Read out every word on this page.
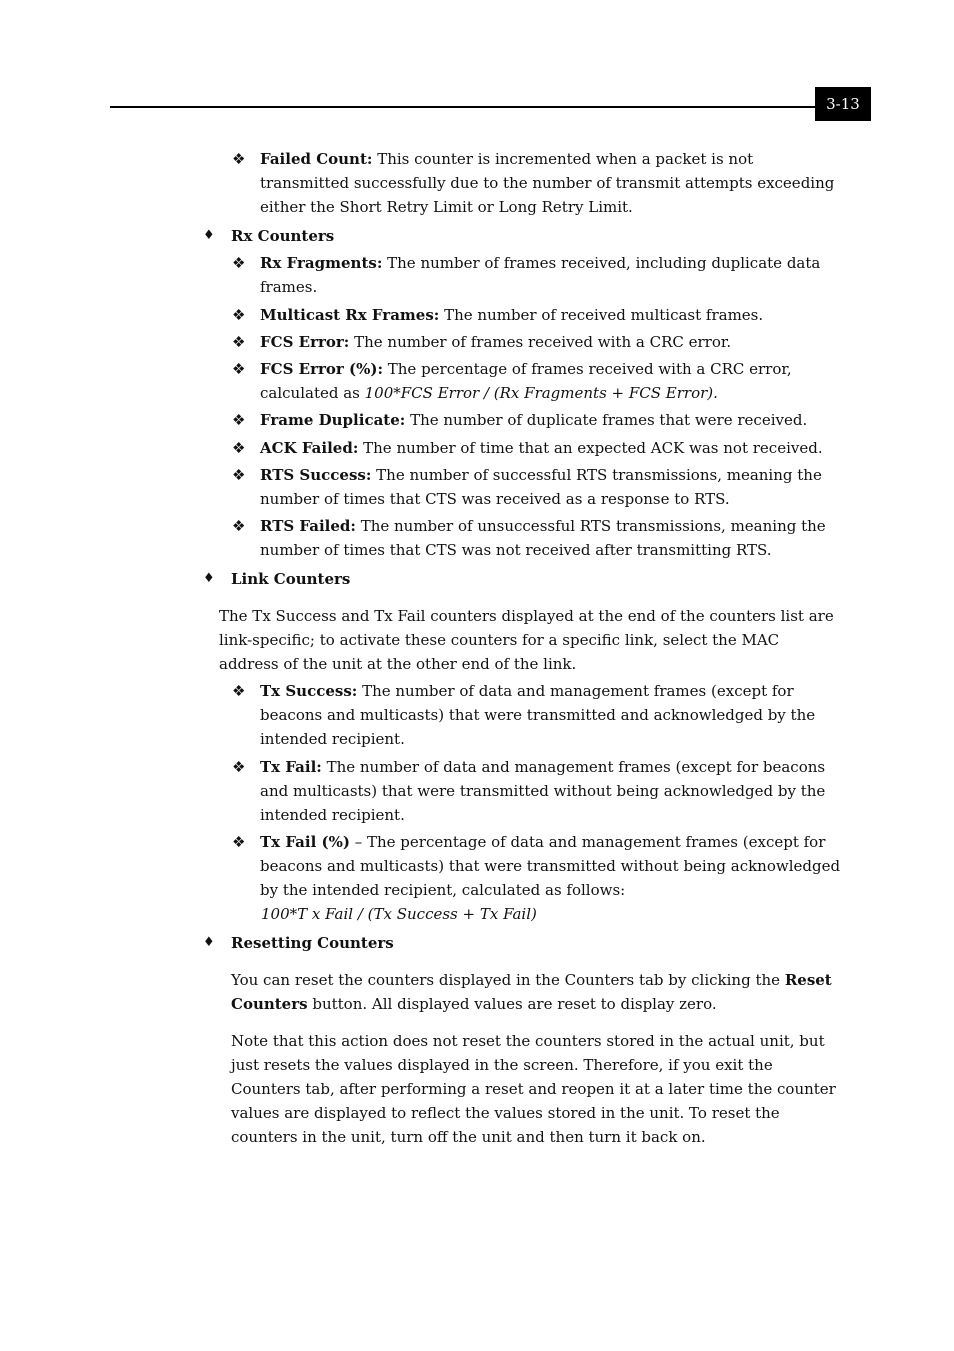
3-13
❖ Failed Count: This counter is incremented when a packet is not
transmitted successfully due to the number of transmit attempts exceeding
either the Short Retry Limit or Long Retry Limit.
♦ Rx Counters
❖ Rx Fragments: The number of frames received, including duplicate data
frames.
❖ Multicast Rx Frames: The number of received multicast frames.
❖ FCS Error: The number of frames received with a CRC error.
❖ FCS Error (%): The percentage of frames received with a CRC error,
calculated as 100*FCS Error / (Rx Fragments + FCS Error).
❖ Frame Duplicate: The number of duplicate frames that were received.
❖ ACK Failed: The number of time that an expected ACK was not received.
❖ RTS Success: The number of successful RTS transmissions, meaning the
number of times that CTS was received as a response to RTS.
❖ RTS Failed: The number of unsuccessful RTS transmissions, meaning the
number of times that CTS was not received after transmitting RTS.
♦ Link Counters
The Tx Success and Tx Fail counters displayed at the end of the counters list are
link-specific; to activate these counters for a specific link, select the MAC
address of the unit at the other end of the link.
❖ Tx Success: The number of data and management frames (except for
beacons and multicasts) that were transmitted and acknowledged by the
intended recipient.
❖ Tx Fail: The number of data and management frames (except for beacons
and multicasts) that were transmitted without being acknowledged by the
intended recipient.
❖ Tx Fail (%) – The percentage of data and management frames (except for
beacons and multicasts) that were transmitted without being acknowledged
by the intended recipient, calculated as follows:
100*T x Fail / (Tx Success + Tx Fail)
♦ Resetting Counters
You can reset the counters displayed in the Counters tab by clicking the Reset
Counters button. All displayed values are reset to display zero.
Note that this action does not reset the counters stored in the actual unit, but
just resets the values displayed in the screen. Therefore, if you exit the
Counters tab, after performing a reset and reopen it at a later time the counter
values are displayed to reflect the values stored in the unit. To reset the
counters in the unit, turn off the unit and then turn it back on.
